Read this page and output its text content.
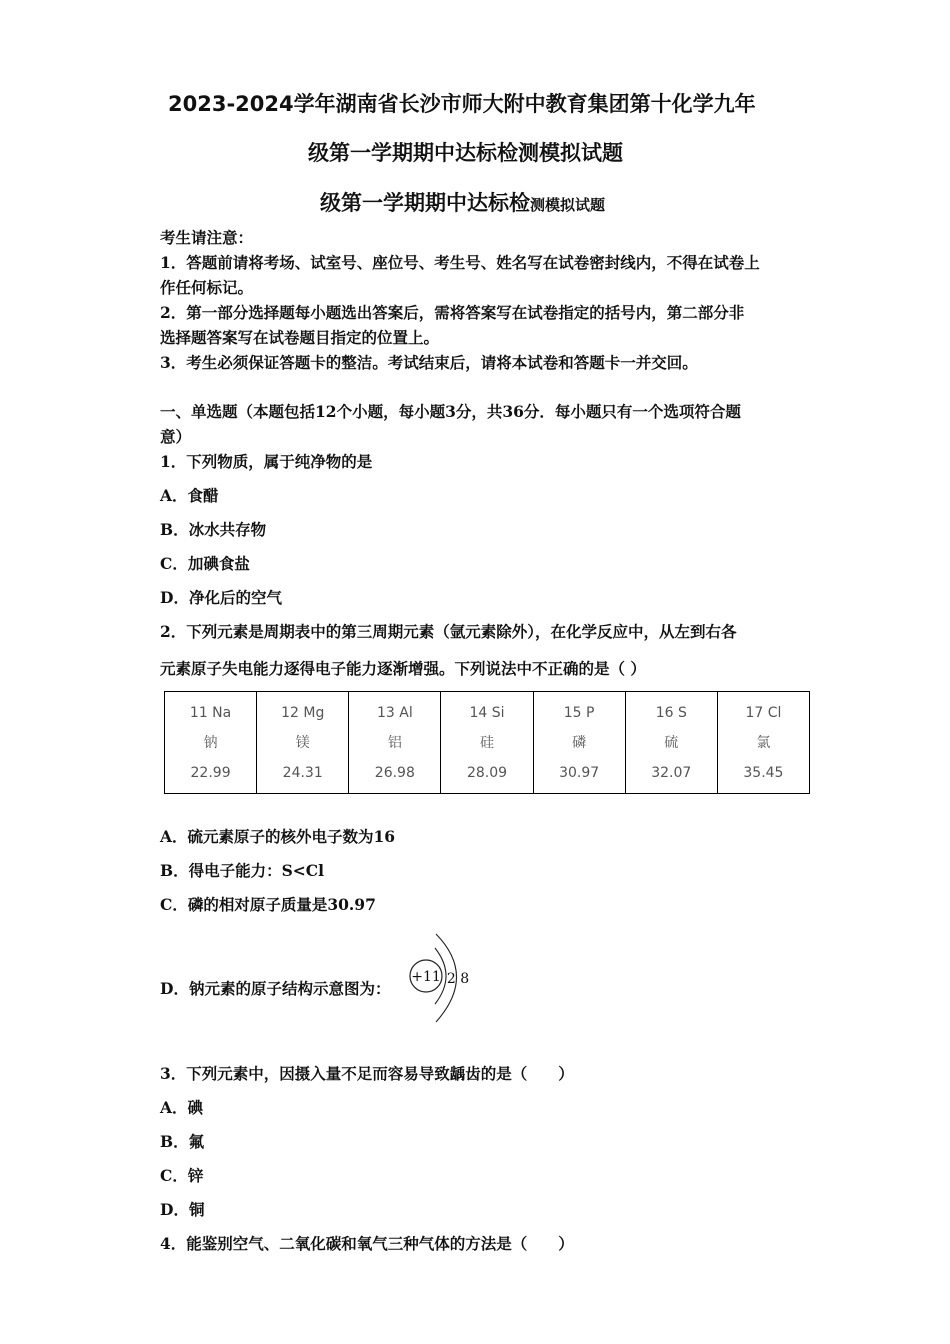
2023-2024学年湖南省长沙市师大附中教育集团第十化学九年
级第一学期期中达标检测模拟试题
级第一学期期中达标检测模拟试题
考生请注意：
1．答题前请将考场、试室号、座位号、考生号、姓名写在试卷密封线内，不得在试卷上
作任何标记。
2．第一部分选择题每小题选出答案后，需将答案写在试卷指定的括号内，第二部分非
选择题答案写在试卷题目指定的位置上。
3．考生必须保证答题卡的整洁。考试结束后，请将本试卷和答题卡一并交回。
一、单选题（本题包括12个小题，每小题3分，共36分．每小题只有一个选项符合题
意）
1．下列物质，属于纯净物的是
A．食醋
B．冰水共存物
C．加碘食盐
D．净化后的空气
2．下列元素是周期表中的第三周期元素（氩元素除外），在化学反应中，从左到右各
元素原子失电能力逐得电子能力逐渐增强。下列说法中不正确的是（ ）
11 Na
钠
22.99

12 Mg
镁
24.31

13 Al
铝
26.98

14 Si
硅
28.09

15 P
磷
30.97

16 S
硫
32.07

17 Cl
氯
35.45
A．硫元素原子的核外电子数为16
B．得电子能力：S<Cl
C．磷的相对原子质量是30.97
D．钠元素的原子结构示意图为：
+11 2 8
3．下列元素中，因摄入量不足而容易导致龋齿的是（　　）
A．碘
B．氟
C．锌
D．铜
4．能鉴别空气、二氧化碳和氧气三种气体的方法是（　　）
